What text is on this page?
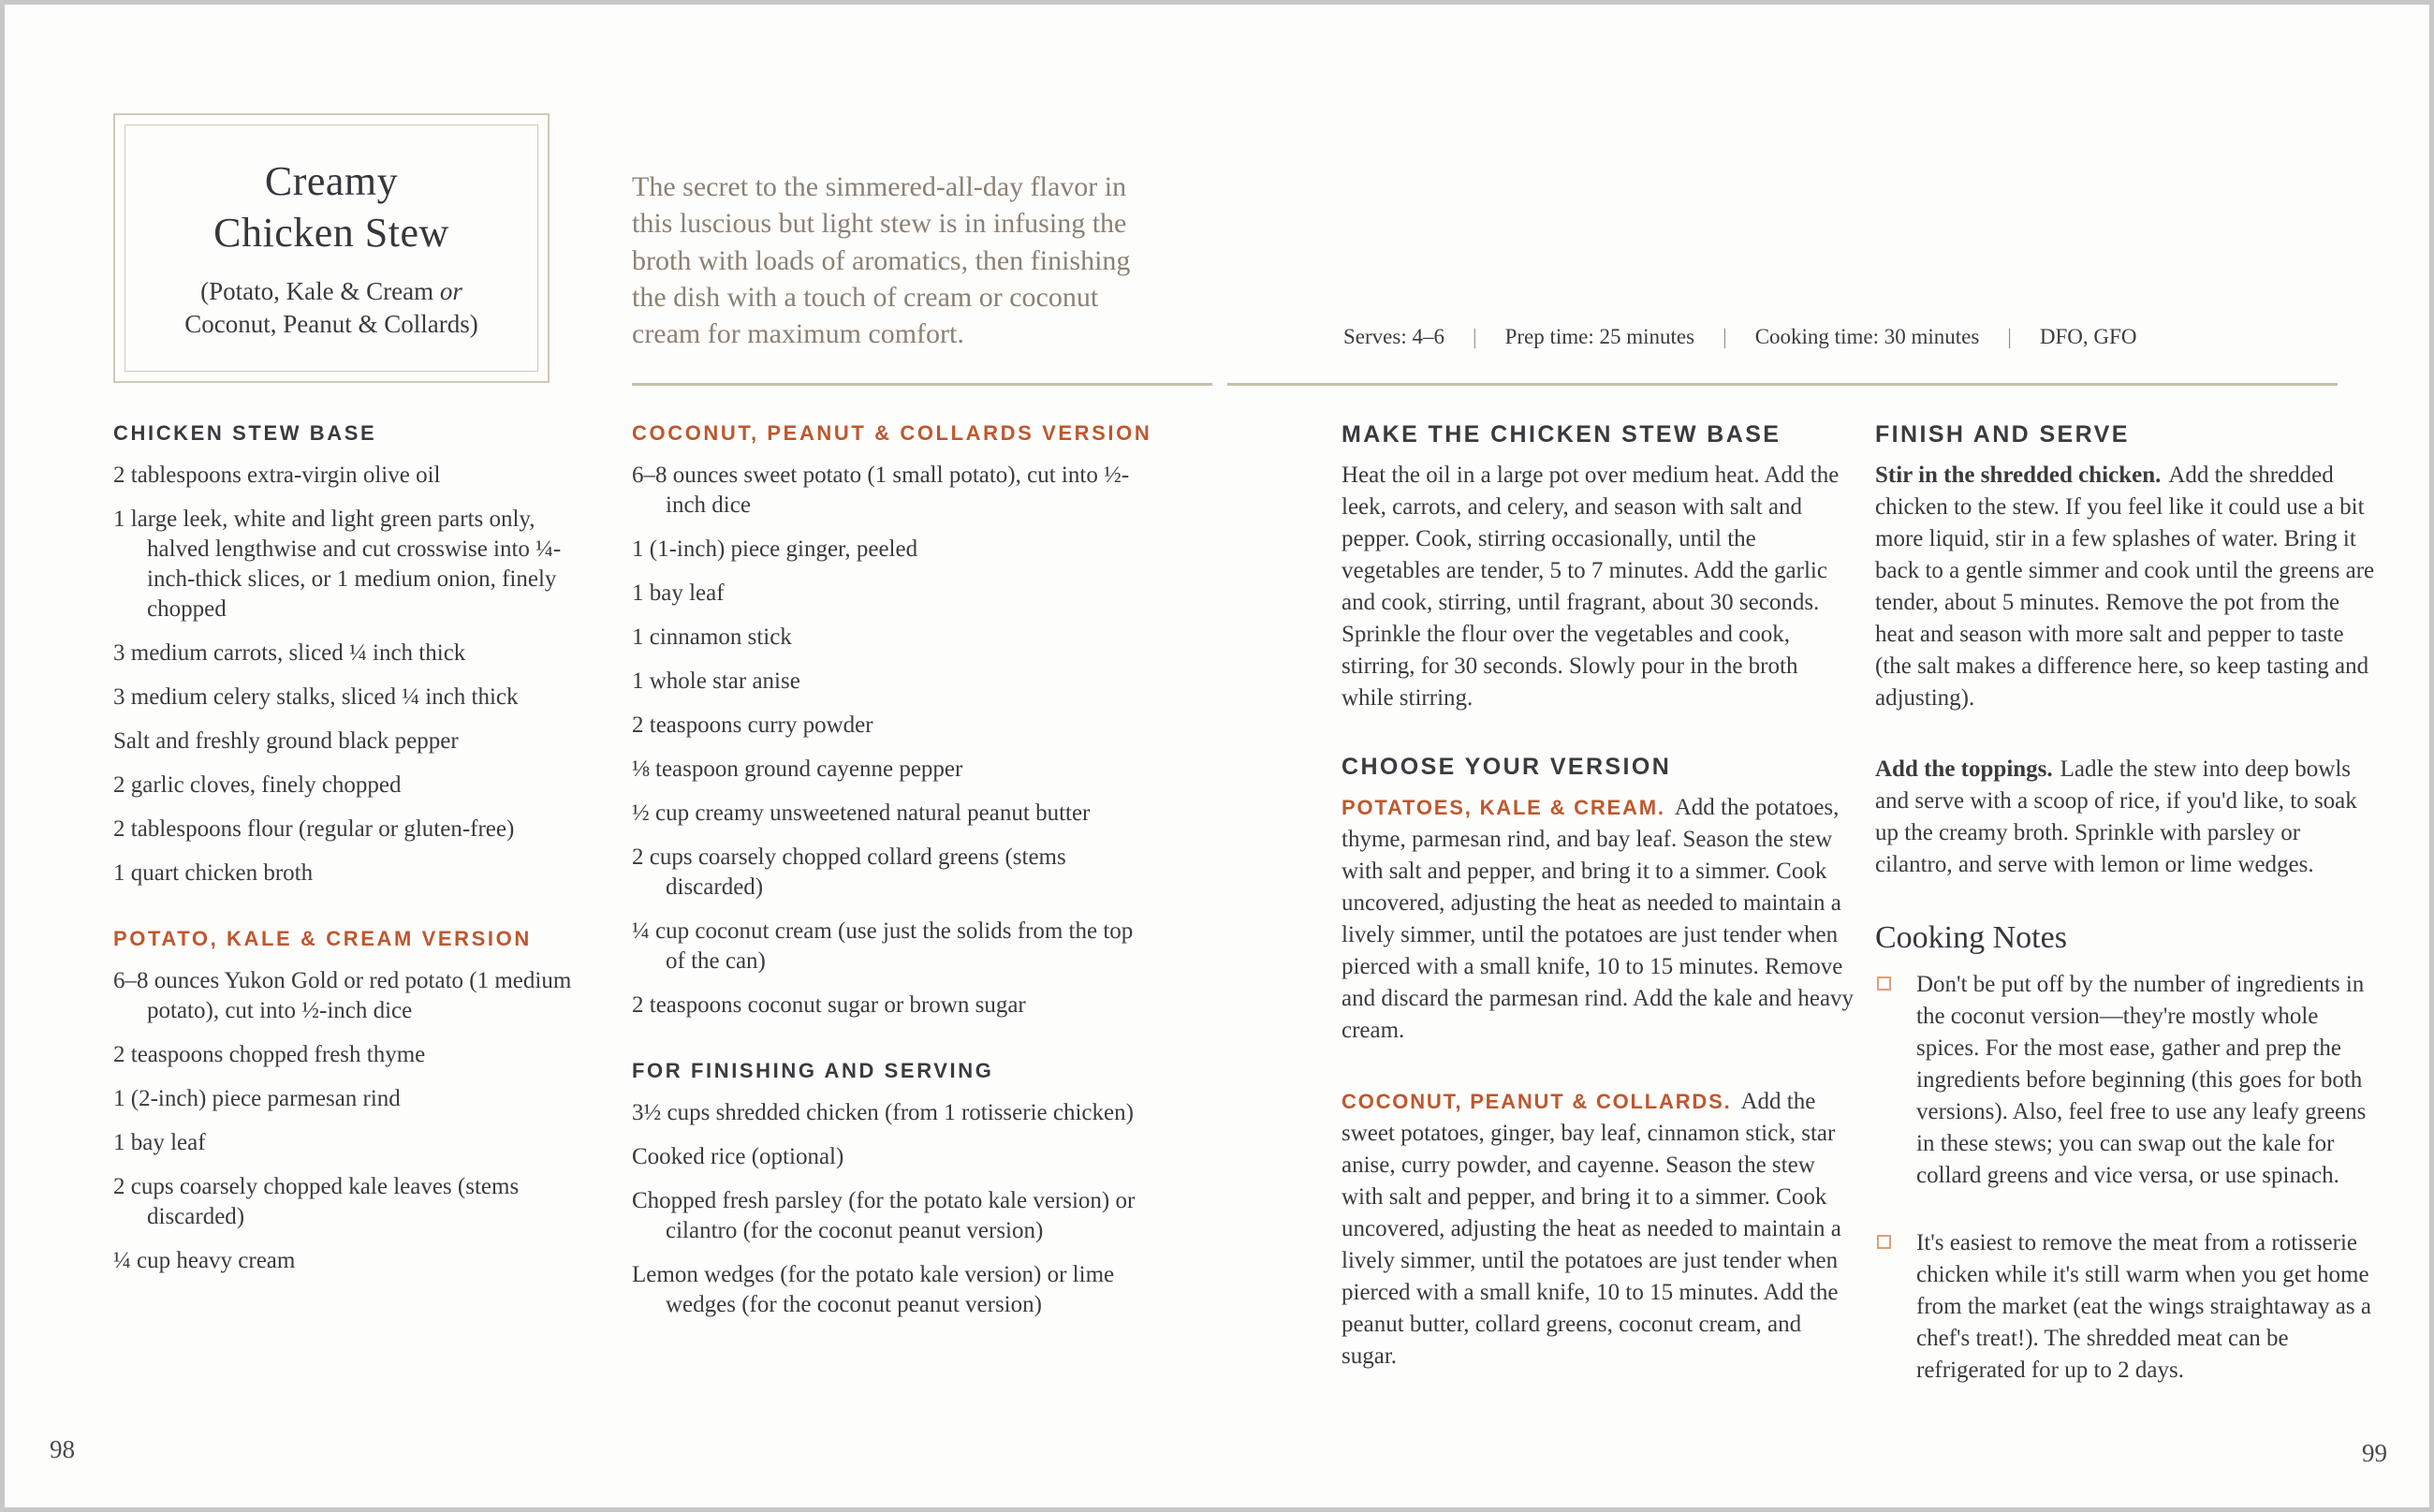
Creamy
Chicken Stew
(Potato, Kale & Cream or
Coconut, Peanut & Collards)
The secret to the simmered-all-day flavor in this luscious but light stew is in infusing the broth with loads of aromatics, then finishing the dish with a touch of cream or coconut cream for maximum comfort.	Serves: 4–6 | Prep time: 25 minutes | Cooking time: 30 minutes | DFO, GFO
CHICKEN STEW BASE
2 tablespoons extra-virgin olive oil
1 large leek, white and light green parts only, halved lengthwise and cut crosswise into ¼-inch-thick slices, or 1 medium onion, finely chopped
3 medium carrots, sliced ¼ inch thick
3 medium celery stalks, sliced ¼ inch thick
Salt and freshly ground black pepper
2 garlic cloves, finely chopped
2 tablespoons flour (regular or gluten-free)
1 quart chicken broth
POTATO, KALE & CREAM VERSION
6–8 ounces Yukon Gold or red potato (1 medium potato), cut into ½-inch dice
2 teaspoons chopped fresh thyme
1 (2-inch) piece parmesan rind
1 bay leaf
2 cups coarsely chopped kale leaves (stems discarded)
¼ cup heavy cream
COCONUT, PEANUT & COLLARDS VERSION
6–8 ounces sweet potato (1 small potato), cut into ½-inch dice
1 (1-inch) piece ginger, peeled
1 bay leaf
1 cinnamon stick
1 whole star anise
2 teaspoons curry powder
⅛ teaspoon ground cayenne pepper
½ cup creamy unsweetened natural peanut butter
2 cups coarsely chopped collard greens (stems discarded)
¼ cup coconut cream (use just the solids from the top of the can)
2 teaspoons coconut sugar or brown sugar
FOR FINISHING AND SERVING
3½ cups shredded chicken (from 1 rotisserie chicken)
Cooked rice (optional)
Chopped fresh parsley (for the potato kale version) or cilantro (for the coconut peanut version)
Lemon wedges (for the potato kale version) or lime wedges (for the coconut peanut version)
MAKE THE CHICKEN STEW BASE
Heat the oil in a large pot over medium heat. Add the leek, carrots, and celery, and season with salt and pepper. Cook, stirring occasionally, until the vegetables are tender, 5 to 7 minutes. Add the garlic and cook, stirring, until fragrant, about 30 seconds. Sprinkle the flour over the vegetables and cook, stirring, for 30 seconds. Slowly pour in the broth while stirring.
CHOOSE YOUR VERSION
POTATOES, KALE & CREAM. Add the potatoes, thyme, parmesan rind, and bay leaf. Season the stew with salt and pepper, and bring it to a simmer. Cook uncovered, adjusting the heat as needed to maintain a lively simmer, until the potatoes are just tender when pierced with a small knife, 10 to 15 minutes. Remove and discard the parmesan rind. Add the kale and heavy cream.
COCONUT, PEANUT & COLLARDS. Add the sweet potatoes, ginger, bay leaf, cinnamon stick, star anise, curry powder, and cayenne. Season the stew with salt and pepper, and bring it to a simmer. Cook uncovered, adjusting the heat as needed to maintain a lively simmer, until the potatoes are just tender when pierced with a small knife, 10 to 15 minutes. Add the peanut butter, collard greens, coconut cream, and sugar.
FINISH AND SERVE
Stir in the shredded chicken. Add the shredded chicken to the stew. If you feel like it could use a bit more liquid, stir in a few splashes of water. Bring it back to a gentle simmer and cook until the greens are tender, about 5 minutes. Remove the pot from the heat and season with more salt and pepper to taste (the salt makes a difference here, so keep tasting and adjusting).
Add the toppings. Ladle the stew into deep bowls and serve with a scoop of rice, if you'd like, to soak up the creamy broth. Sprinkle with parsley or cilantro, and serve with lemon or lime wedges.
Cooking Notes
Don't be put off by the number of ingredients in the coconut version—they're mostly whole spices. For the most ease, gather and prep the ingredients before beginning (this goes for both versions). Also, feel free to use any leafy greens in these stews; you can swap out the kale for collard greens and vice versa, or use spinach.
It's easiest to remove the meat from a rotisserie chicken while it's still warm when you get home from the market (eat the wings straightaway as a chef's treat!). The shredded meat can be refrigerated for up to 2 days.
98	99
